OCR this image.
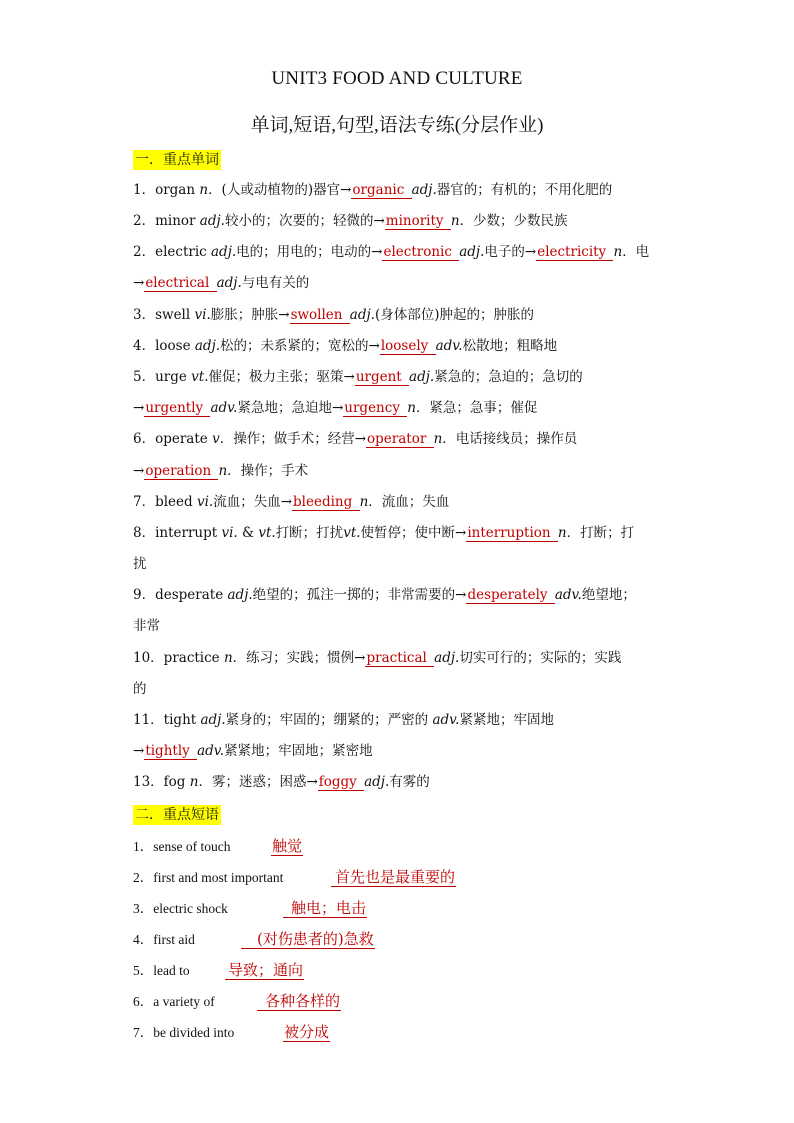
UNIT3 FOOD AND CULTURE
单词,短语,句型,语法专练(分层作业)
一．重点单词
1．organ n．(人或动植物的)器官→organic adj.器官的；有机的；不用化肥的
2．minor adj.较小的；次要的；轻微的→minority n．少数；少数民族
2．electric adj.电的；用电的；电动的→electronic adj.电子的→electricity n．电
→electrical adj.与电有关的
3．swell vi.膨胀；肿胀→swollen adj.(身体部位)肿起的；肿胀的
4．loose adj.松的；未系紧的；宽松的→loosely adv.松散地；粗略地
5．urge vt.催促；极力主张；驱策→urgent adj.紧急的；急迫的；急切的
→urgently adv.紧急地；急迫地→urgency n．紧急；急事；催促
6．operate v．操作；做手术；经营→operator n．电话接线员；操作员
→operation n．操作；手术
7．bleed vi.流血；失血→bleeding n．流血；失血
8．interrupt vi. & vt.打断；打扰vt.使暂停；使中断→interruption n．打断；打
扰
9．desperate adj.绝望的；孤注一掷的；非常需要的→desperately adv.绝望地；
非常
10．practice n．练习；实践；惯例→practical adj.切实可行的；实际的；实践
的
11．tight adj.紧身的；牢固的；绷紧的；严密的 adv.紧紧地；牢固地
→tightly adv.紧紧地；牢固地；紧密地
13．fog n．雾；迷惑；困惑→foggy adj.有雾的
二．重点短语
1．sense of touch	触觉
2．first and most important	首先也是最重要的
3．electric shock	触电；电击
4．first aid	(对伤患者的)急救
5．lead to	导致；通向
6．a variety of	各种各样的
7．be divided into	被分成
